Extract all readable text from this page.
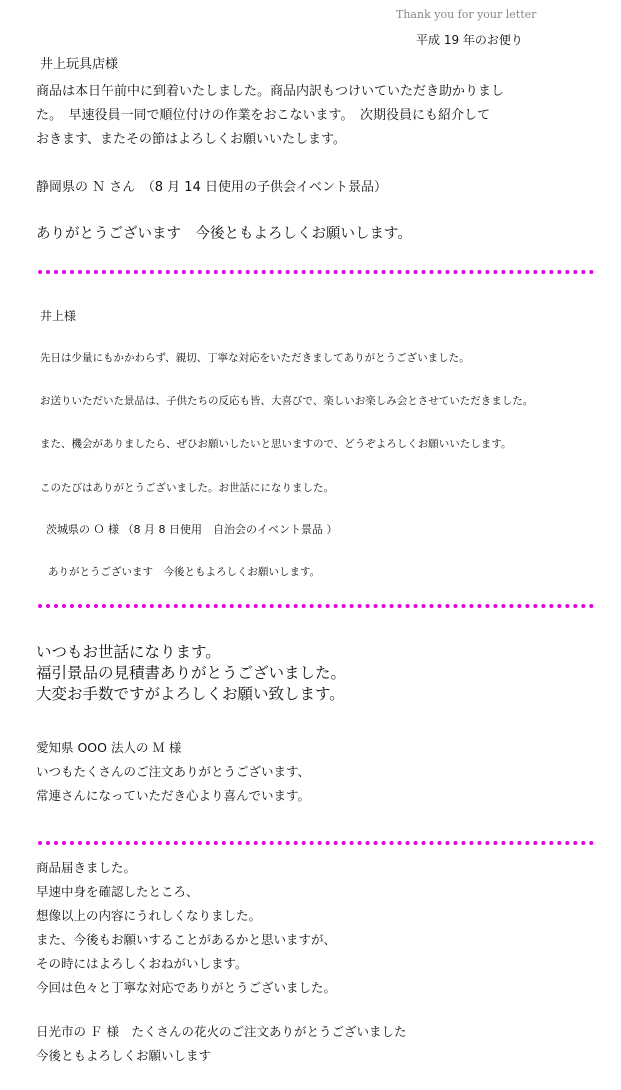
Thank you for your letter
平成 19 年のお便り
井上玩具店様
商品は本日午前中に到着いたしました。商品内訳もつけいていただき助かりまし
た。　早速役員一同で順位付けの作業をおこないます。　次期役員にも紹介して
おきます、またその節はよろしくお願いいたします。
静岡県の Ｎ さん　（8 月 14 日使用の子供会イベント景品）
ありがとうございます　今後ともよろしくお願いします。
井上様
先日は少量にもかかわらず、親切、丁寧な対応をいただきましてありがとうございました。
お送りいただいた景品は、子供たちの反応も皆、大喜びで、楽しいお楽しみ会とさせていただきました。
また、機会がありましたら、ぜひお願いしたいと思いますので、どうぞよろしくお願いいたします。
このたびはありがとうございました。お世話にになりました。
茨城県の Ｏ 様 （8 月 8 日使用　自治会のイベント景品 ）
ありがとうございます　今後ともよろしくお願いします。
いつもお世話になります。
福引景品の見積書ありがとうございました。
大変お手数ですがよろしくお願い致します。
愛知県 OOO 法人の Ｍ 様
いつもたくさんのご注文ありがとうございます、
常連さんになっていただき心より喜んでいます。
商品届きました。
早速中身を確認したところ、
想像以上の内容にうれしくなりました。
また、今後もお願いすることがあるかと思いますが、
その時にはよろしくおねがいします。
今回は色々と丁寧な対応でありがとうございました。
日光市の Ｆ 様　たくさんの花火のご注文ありがとうございました
今後ともよろしくお願いします
